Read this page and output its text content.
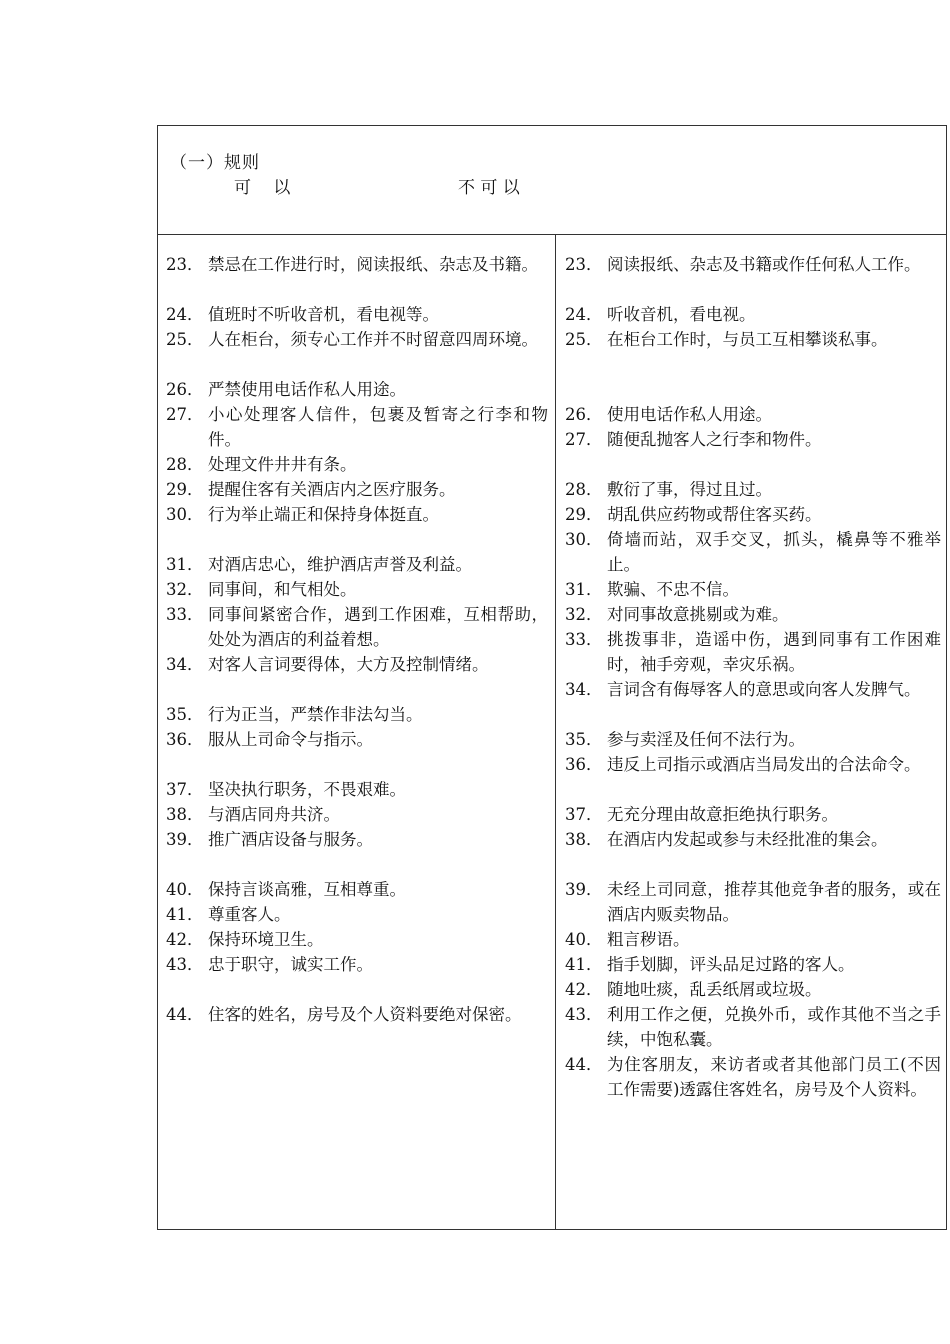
（一）规则
可　 以	不 可 以
23． 禁忌在工作进行时，阅读报纸、杂志及书籍。
24． 值班时不听收音机，看电视等。
25． 人在柜台，须专心工作并不时留意四周环境。
26． 严禁使用电话作私人用途。
27． 小心处理客人信件，包裹及暂寄之行李和物件。
28． 处理文件井井有条。
29． 提醒住客有关酒店内之医疗服务。
30． 行为举止端正和保持身体挺直。
31． 对酒店忠心，维护酒店声誉及利益。
32． 同事间，和气相处。
33． 同事间紧密合作，遇到工作困难，互相帮助，处处为酒店的利益着想。
34． 对客人言词要得体，大方及控制情绪。
35． 行为正当，严禁作非法勾当。
36． 服从上司命令与指示。
37． 坚决执行职务，不畏艰难。
38． 与酒店同舟共济。
39． 推广酒店设备与服务。
40． 保持言谈高雅，互相尊重。
41． 尊重客人。
42． 保持环境卫生。
43． 忠于职守，诚实工作。
44． 住客的姓名，房号及个人资料要绝对保密。
23． 阅读报纸、杂志及书籍或作任何私人工作。
24． 听收音机，看电视。
25． 在柜台工作时，与员工互相攀谈私事。
26． 使用电话作私人用途。
27． 随便乱抛客人之行李和物件。
28． 敷衍了事，得过且过。
29． 胡乱供应药物或帮住客买药。
30． 倚墙而站，双手交叉，抓头，橇鼻等不雅举止。
31． 欺骗、不忠不信。
32． 对同事故意挑剔或为难。
33． 挑拨事非，造谣中伤，遇到同事有工作困难时，袖手旁观，幸灾乐祸。
34． 言词含有侮辱客人的意思或向客人发脾气。
35． 参与卖淫及任何不法行为。
36． 违反上司指示或酒店当局发出的合法命令。
37． 无充分理由故意拒绝执行职务。
38． 在酒店内发起或参与未经批准的集会。
39． 未经上司同意，推荐其他竞争者的服务，或在酒店内贩卖物品。
40． 粗言秽语。
41． 指手划脚，评头品足过路的客人。
42． 随地吐痰，乱丢纸屑或垃圾。
43． 利用工作之便，兑换外币，或作其他不当之手续，中饱私囊。
44． 为住客朋友，来访者或者其他部门员工(不因工作需要)透露住客姓名，房号及个人资料。
